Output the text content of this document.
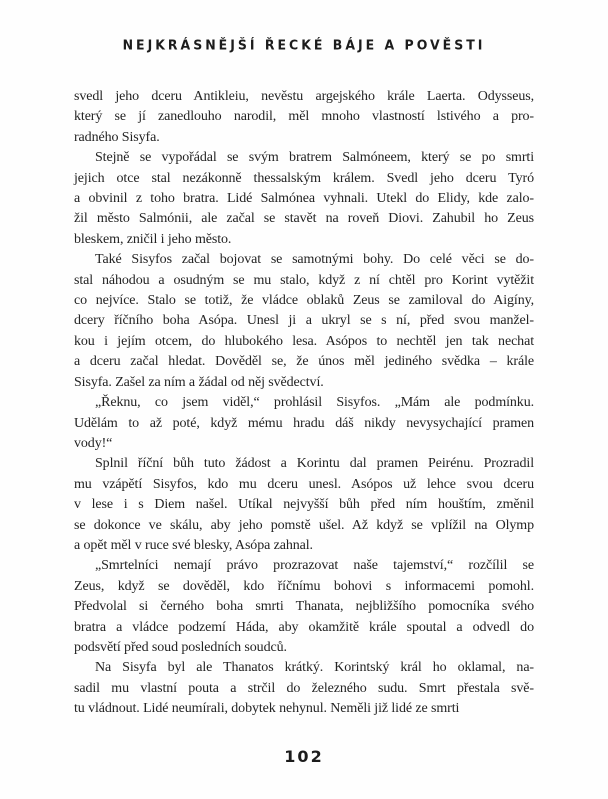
NEJKRÁSNĚJŠÍ ŘECKÉ BÁJE A POVĚSTI
svedl jeho dceru Antikleiu, nevěstu argejského krále Laerta. Odysseus,
který se jí zanedlouho narodil, měl mnoho vlastností lstivého a pro-
radného Sisyfa.
Stejně se vypořádal se svým bratrem Salmóneem, který se po smrti
jejich otce stal nezákonně thessalským králem. Svedl jeho dceru Tyró
a obvinil z toho bratra. Lidé Salmónea vyhnali. Utekl do Elidy, kde zalo-
žil město Salmónii, ale začal se stavět na roveň Diovi. Zahubil ho Zeus
bleskem, zničil i jeho město.
Také Sisyfos začal bojovat se samotnými bohy. Do celé věci se do-
stal náhodou a osudným se mu stalo, když z ní chtěl pro Korint vytěžit
co nejvíce. Stalo se totiž, že vládce oblaků Zeus se zamiloval do Aigíny,
dcery říčního boha Asópa. Unesl ji a ukryl se s ní, před svou manžel-
kou i jejím otcem, do hlubokého lesa. Asópos to nechtěl jen tak nechat
a dceru začal hledat. Dověděl se, že únos měl jediného svědka – krále
Sisyfa. Zašel za ním a žádal od něj svědectví.
„Řeknu, co jsem viděl,“ prohlásil Sisyfos. „Mám ale podmínku.
Udělám to až poté, když mému hradu dáš nikdy nevysychající pramen
vody!“
Splnil říční bůh tuto žádost a Korintu dal pramen Peirénu. Prozradil
mu vzápětí Sisyfos, kdo mu dceru unesl. Asópos už lehce svou dceru
v lese i s Diem našel. Utíkal nejvyšší bůh před ním houštím, změnil
se dokonce ve skálu, aby jeho pomstě ušel. Až když se vplížil na Olymp
a opět měl v ruce své blesky, Asópa zahnal.
„Smrtelníci nemají právo prozrazovat naše tajemství,“ rozčílil se
Zeus, když se dověděl, kdo říčnímu bohovi s informacemi pomohl.
Předvolal si černého boha smrti Thanata, nejbližšího pomocníka svého
bratra a vládce podzemí Háda, aby okamžitě krále spoutal a odvedl do
podsvětí před soud posledních soudců.
Na Sisyfa byl ale Thanatos krátký. Korintský král ho oklamal, na-
sadil mu vlastní pouta a strčil do železného sudu. Smrt přestala svě-
tu vládnout. Lidé neumírali, dobytek nehynul. Neměli již lidé ze smrti
102
